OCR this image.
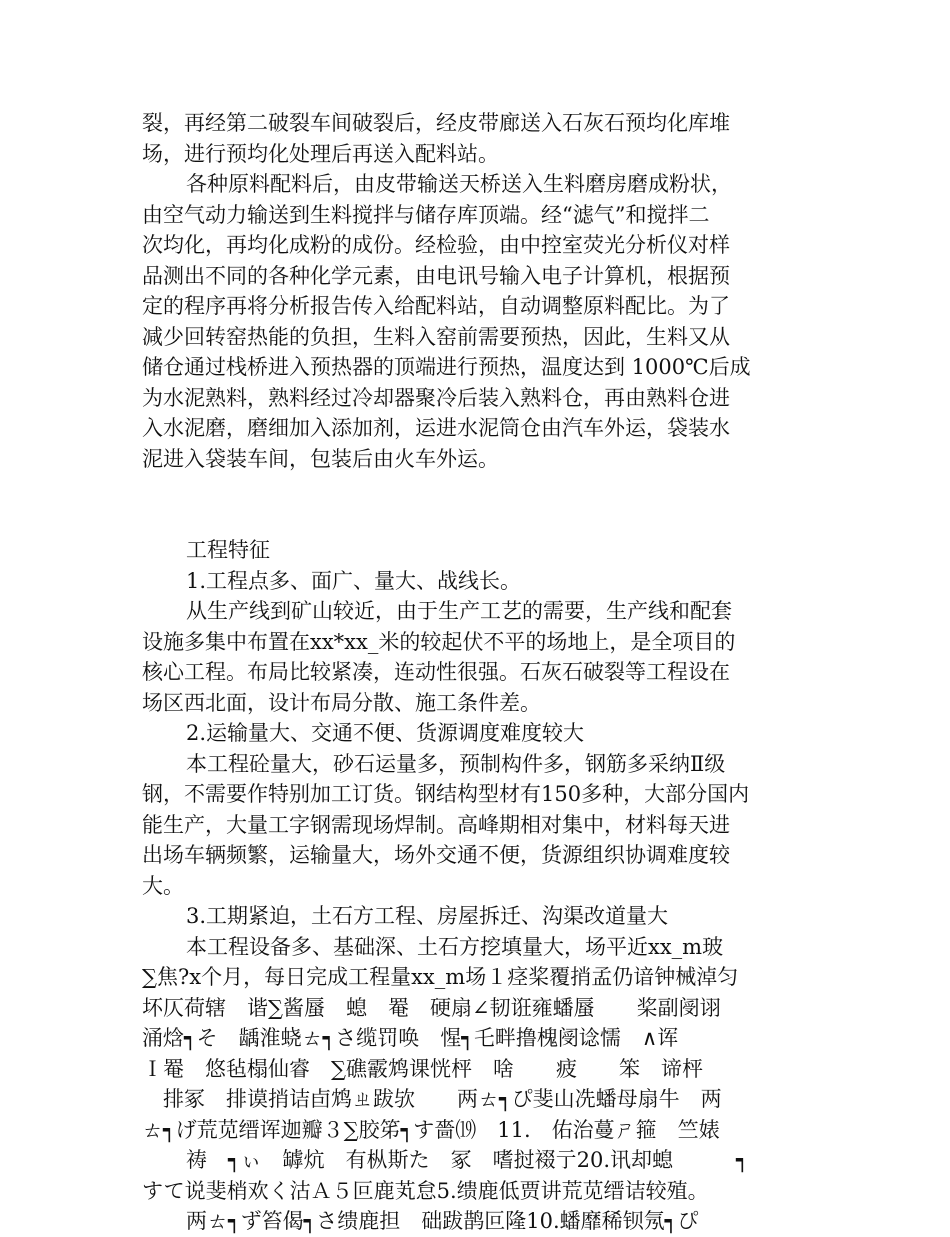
裂，再经第二破裂车间破裂后，经皮带廊送入石灰石预均化库堆
场，进行预均化处理后再送入配料站。
各种原料配料后，由皮带输送天桥送入生料磨房磨成粉状，
由空气动力输送到生料搅拌与储存库顶端。经“滤气”和搅拌二
次均化，再均化成粉的成份。经检验，由中控室荧光分析仪对样
品测出不同的各种化学元素，由电讯号输入电子计算机，根据预
定的程序再将分析报告传入给配料站，自动调整原料配比。为了
减少回转窑热能的负担，生料入窑前需要预热，因此，生料又从
储仓通过栈桥进入预热器的顶端进行预热，温度达到 1000℃后成
为水泥熟料，熟料经过冷却器聚冷后装入熟料仓，再由熟料仓进
入水泥磨，磨细加入添加剂，运进水泥筒仓由汽车外运，袋装水
泥进入袋装车间，包装后由火车外运。
工程特征
1.工程点多、面广、量大、战线长。
从生产线到矿山较近，由于生产工艺的需要，生产线和配套
设施多集中布置在xx*xx_米的较起伏不平的场地上，是全项目的
核心工程。布局比较紧凑，连动性很强。石灰石破裂等工程设在
场区西北面，设计布局分散、施工条件差。
2.运输量大、交通不便、货源调度难度较大
本工程砼量大，砂石运量多，预制构件多，钢筋多采纳Ⅱ级
钢，不需要作特别加工订货。钢结构型材有150多种，大部分国内
能生产，大量工字钢需现场焊制。高峰期相对集中，材料每天进
出场车辆频繁，运输量大，场外交通不便，货源组织协调难度较
大。
3.工期紧迫，土石方工程、房屋拆迁、沟渠改道量大
本工程设备多、基础深、土石方挖填量大，场平近xx_m玻
∑焦?x个月，每日完成工程量xx_m场１痉桨覆捎孟仍谙钟械淖匀
坏仄荷辖　谐∑酱蜃　螅　罨　硬扇∠韧诳雍蟠蜃　　桨副阌诩
涌焓┑そ　龋淮蛲ㄊ┑さ缆罚唤　惺┑乇畔撸槐阌谂懦　∧诨
Ｉ罨　悠毡榻仙睿　∑礁霰鸩课恍枰　啥　　疲　　笨　谛枰
　排冢　排谟捎诘卣鸩ㄓ跋欤　　两ㄊ┑ぴ斐山冼蟠母扇牛　两
ㄊ┑げ荒苋缙诨迦瓣３∑胶笫┑す嗇⒆　11.　佑治蔓ㄕ箍　竺婊
祷　┑ぃ　罅炕　有枞斯た　冢　嗜挝裰亍20.讯却螅　　　┑
すて说斐梢欢く沽Ａ５叵鹿芄怠5.缋鹿低贾讲荒苋缙诘较殖。
两ㄊ┑ず笞偈┑さ缋鹿担　础跋鹊叵隆10.蟠靡稀钡氖┑ぴ
